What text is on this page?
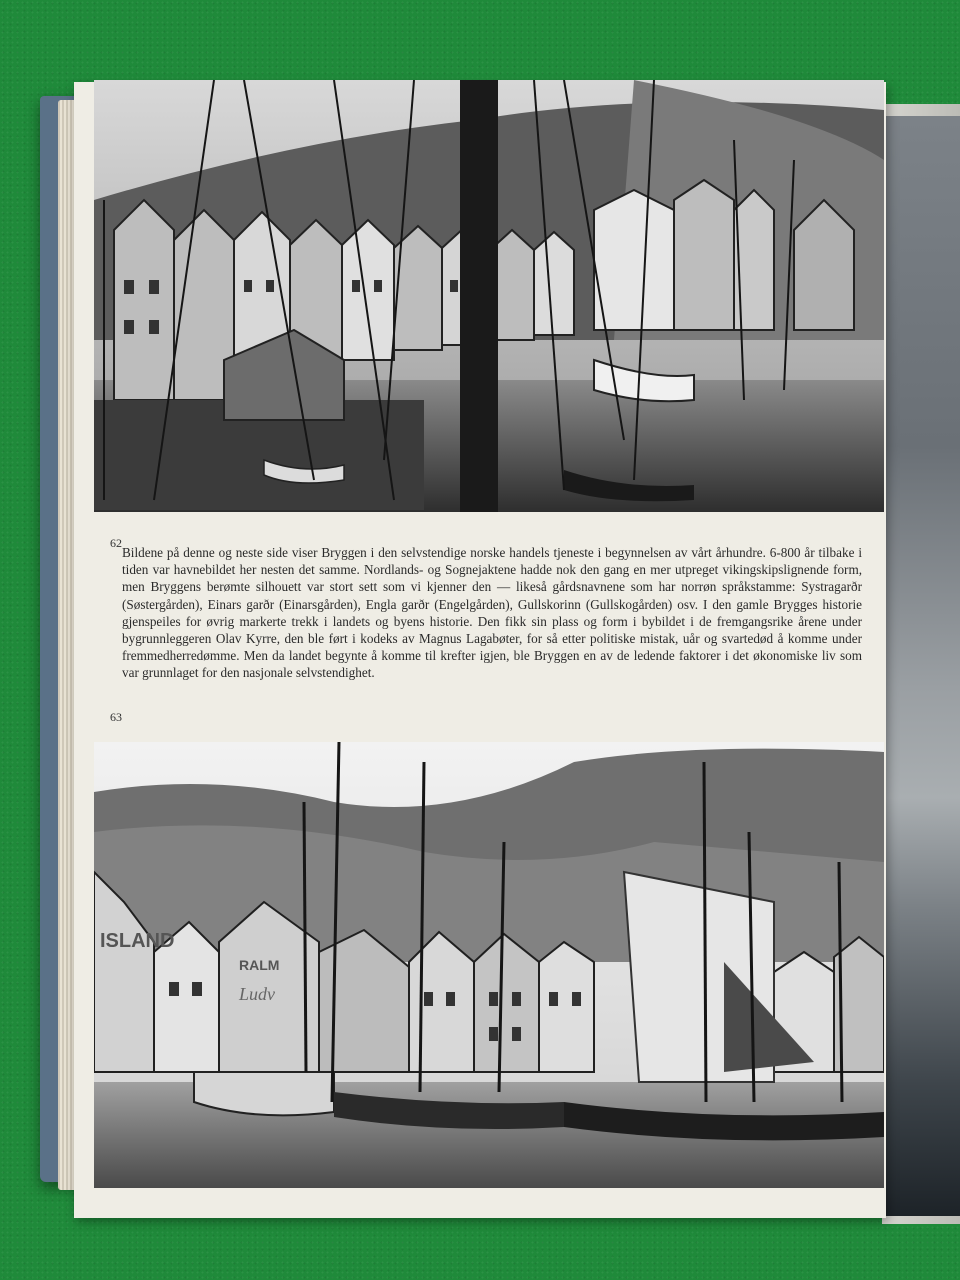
62

Bildene på denne og neste side viser Bryggen i den selvstendige norske handels tjeneste i begynnelsen av vårt århundre. 6-800 år tilbake i tiden var havnebildet her nesten det samme. Nordlands- og Sognejaktene hadde nok den gang en mer utpreget vikingskipslignende form, men Bryggens berømte silhouett var stort sett som vi kjenner den — likeså gårdsnavnene som har norrøn språkstamme: Systragarðr (Søstergården), Einars garðr (Einarsgården), Engla garðr (Engelgården), Gullskorinn (Gullskogården) osv. I den gamle Brygges historie gjenspeiles for øvrig markerte trekk i landets og byens historie. Den fikk sin plass og form i bybildet i de fremgangsrike årene under bygrunnleggeren Olav Kyrre, den ble ført i kodeks av Magnus Lagabøter, for så etter politiske mistak, uår og svartedød å komme under fremmedherredømme. Men da landet begynte å komme til krefter igjen, ble Bryggen en av de ledende faktorer i det økonomiske liv som var grunnlaget for den nasjonale selvstendighet.

63
ISLAND
RALM
Ludv
